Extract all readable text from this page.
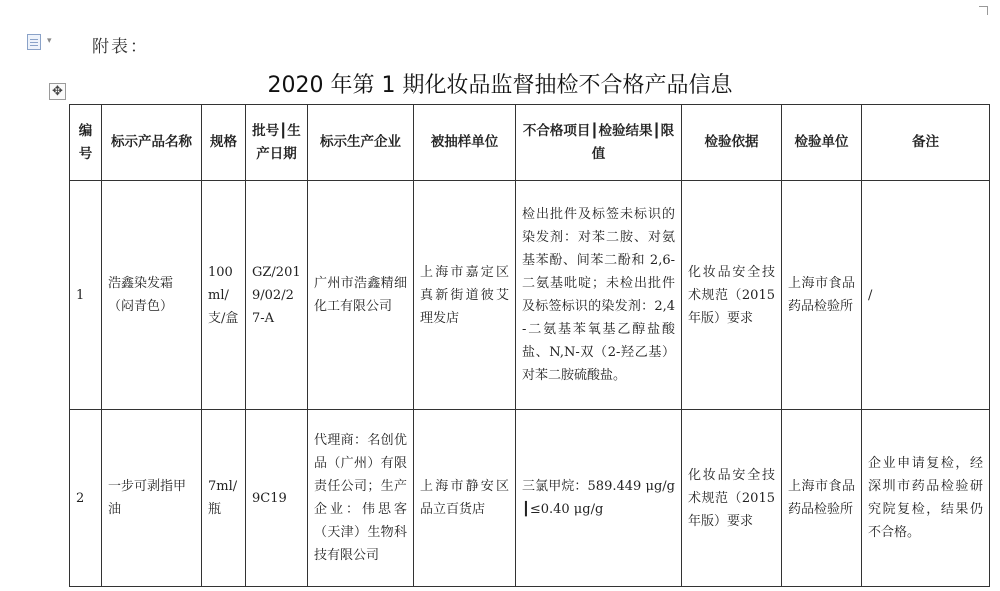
▾ 附表：
2020 年第 1 期化妆品监督抽检不合格产品信息
✥
编号	标示产品名称	规格	批号┃生产日期	标示生产企业	被抽样单位	不合格项目┃检验结果┃限值	检验依据	检验单位	备注
1	浩鑫染发霜（闷青色）	100ml/支/盒	GZ/2019/02/27-A	广州市浩鑫精细化工有限公司	上海市嘉定区真新街道彼艾理发店	检出批件及标签未标识的染发剂：对苯二胺、对氨基苯酚、间苯二酚和 2,6-二氨基吡啶；未检出批件及标签标识的染发剂：2,4-二氨基苯氧基乙醇盐酸盐、N,N-双（2-羟乙基）对苯二胺硫酸盐。	化妆品安全技术规范（2015 年版）要求	上海市食品药品检验所	/
2	一步可剥指甲油	7ml/瓶	9C19	代理商：名创优品（广州）有限责任公司；生产企业：伟思客（天津）生物科技有限公司	上海市静安区品立百货店	三氯甲烷：589.449 μg/g┃≤0.40 μg/g	化妆品安全技术规范（2015 年版）要求	上海市食品药品检验所	企业申请复检，经深圳市药品检验研究院复检，结果仍不合格。
